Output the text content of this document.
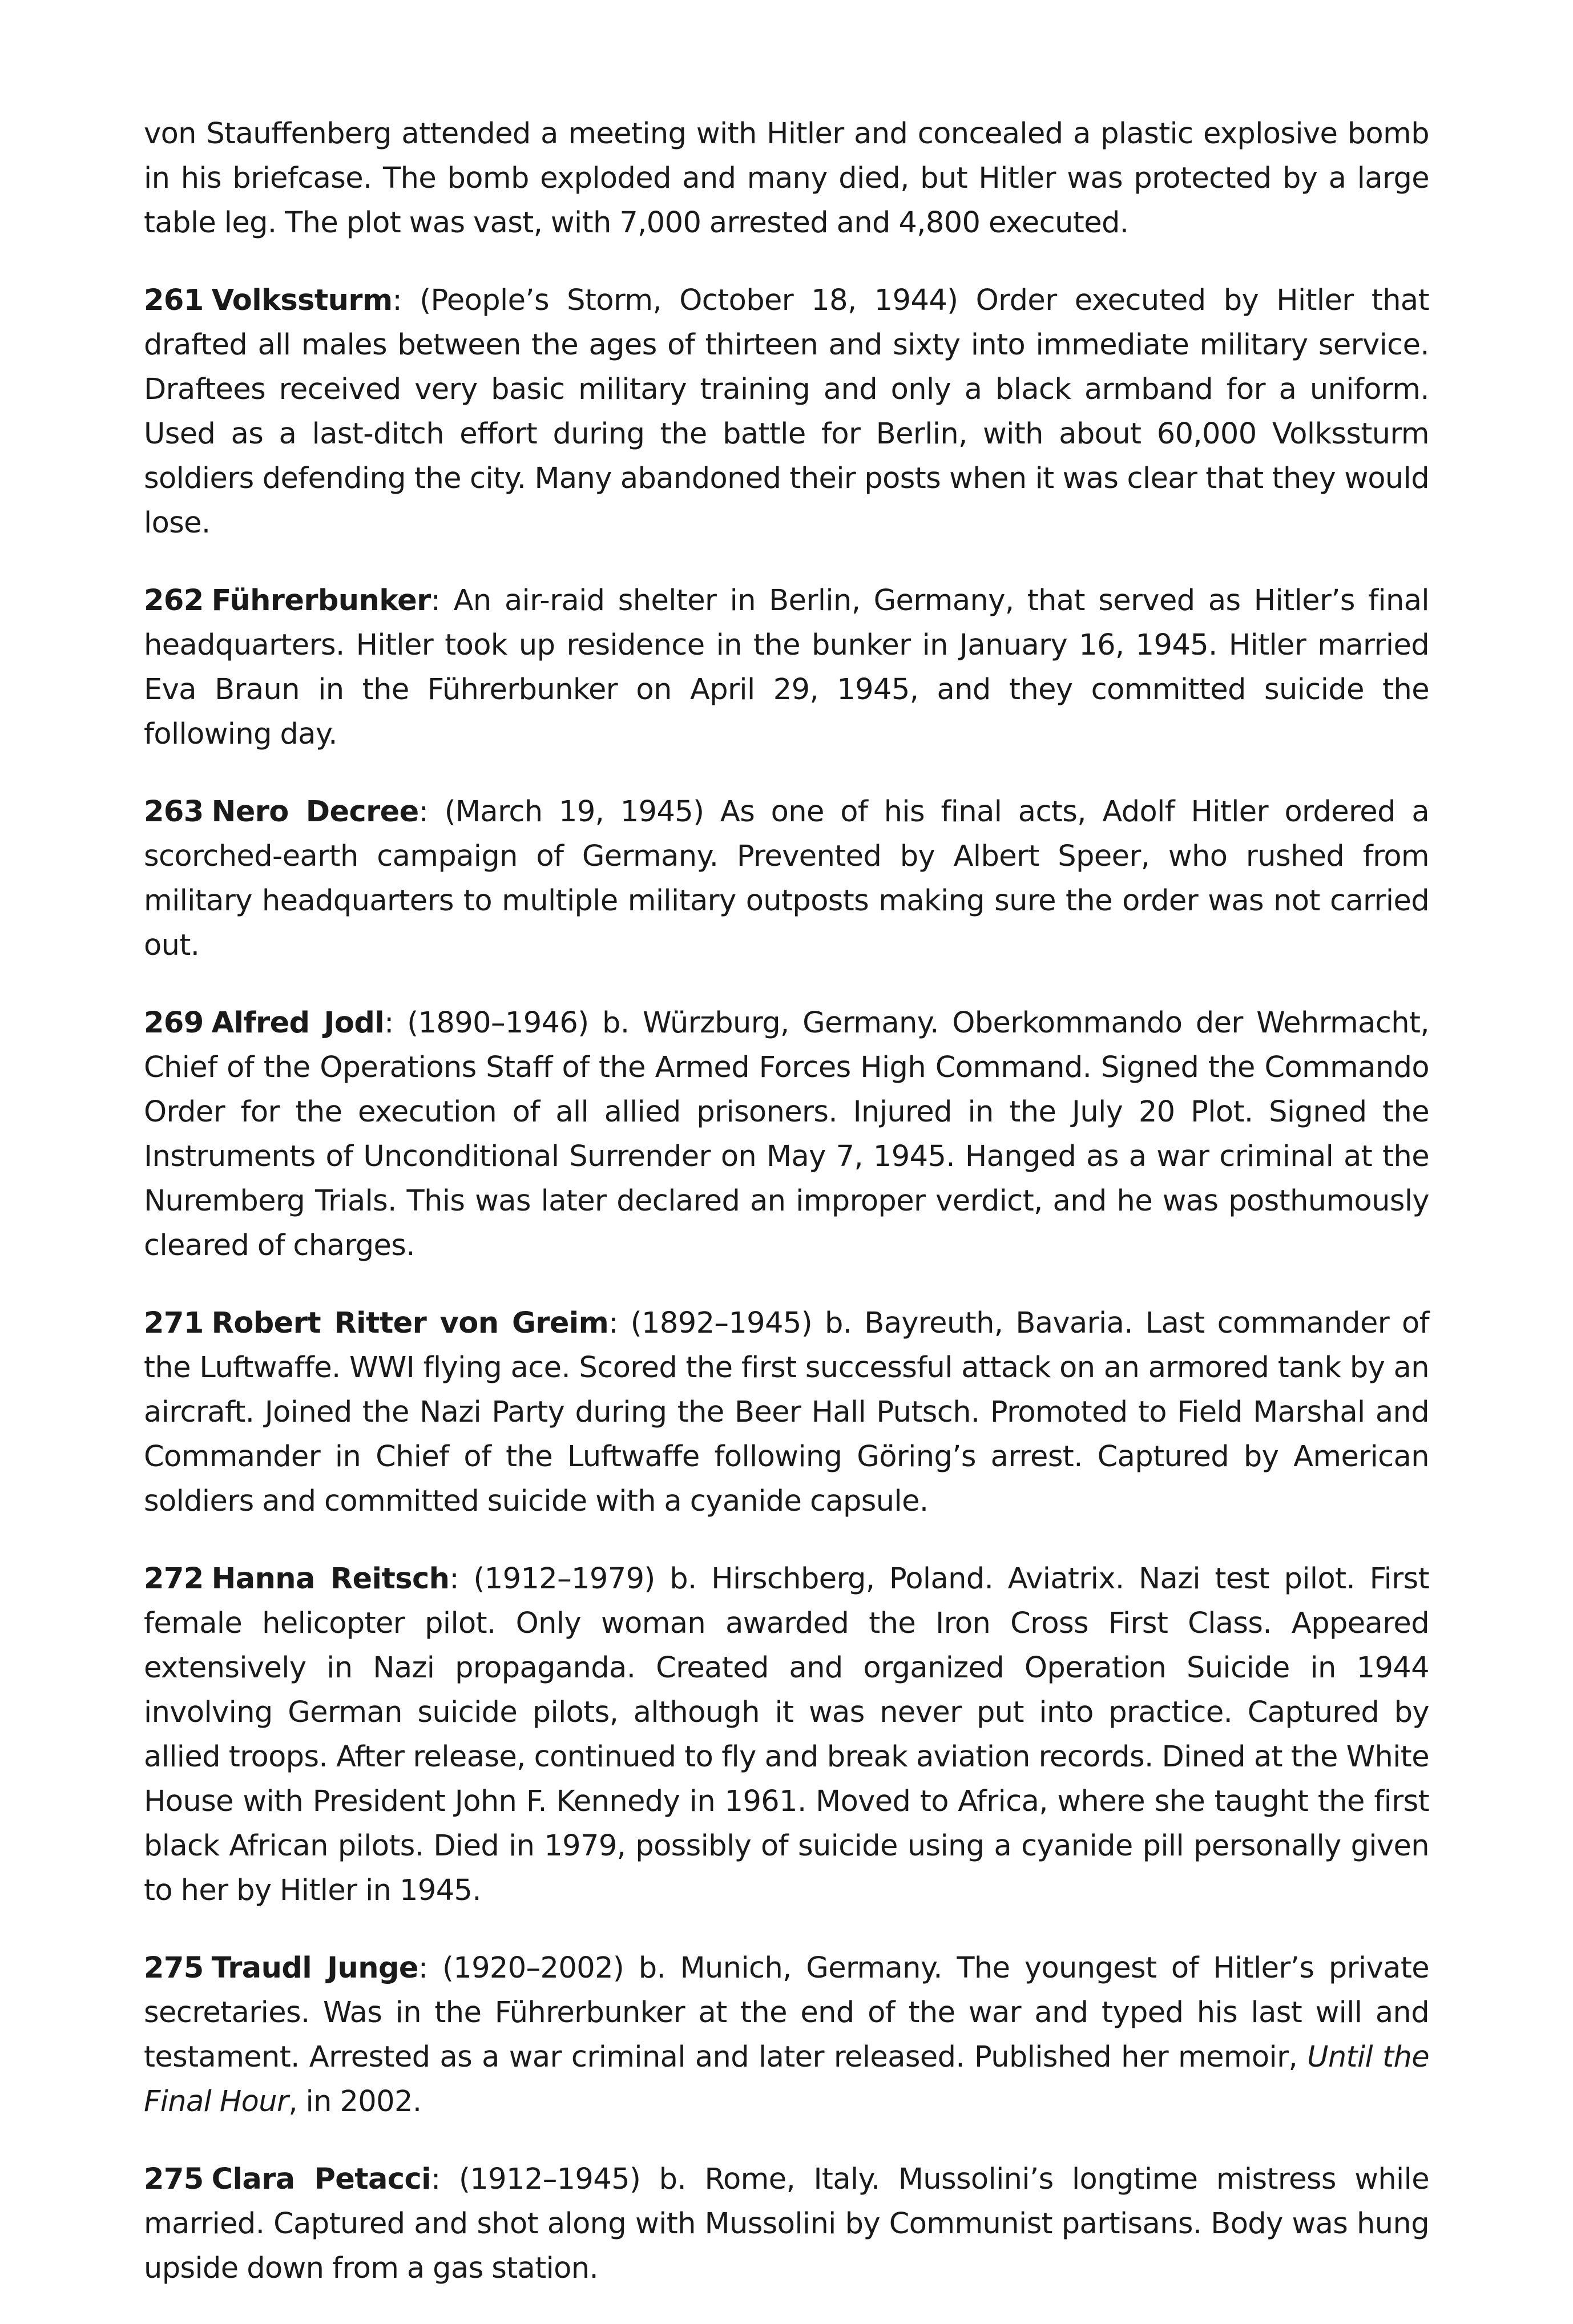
von Stauffenberg attended a meeting with Hitler and concealed a plastic explosive bomb in his briefcase. The bomb exploded and many died, but Hitler was protected by a large table leg. The plot was vast, with 7,000 arrested and 4,800 executed.

261 Volkssturm: (People’s Storm, October 18, 1944) Order executed by Hitler that drafted all males between the ages of thirteen and sixty into immediate military service. Draftees received very basic military training and only a black armband for a uniform. Used as a last-ditch effort during the battle for Berlin, with about 60,000 Volkssturm soldiers defending the city. Many abandoned their posts when it was clear that they would lose.

262 Führerbunker: An air-raid shelter in Berlin, Germany, that served as Hitler’s final headquarters. Hitler took up residence in the bunker in January 16, 1945. Hitler married Eva Braun in the Führerbunker on April 29, 1945, and they committed suicide the following day.

263 Nero Decree: (March 19, 1945) As one of his final acts, Adolf Hitler ordered a scorched-earth campaign of Germany. Prevented by Albert Speer, who rushed from military headquarters to multiple military outposts making sure the order was not carried out.

269 Alfred Jodl: (1890–1946) b. Würzburg, Germany. Oberkommando der Wehrmacht, Chief of the Operations Staff of the Armed Forces High Command. Signed the Commando Order for the execution of all allied prisoners. Injured in the July 20 Plot. Signed the Instruments of Unconditional Surrender on May 7, 1945. Hanged as a war criminal at the Nuremberg Trials. This was later declared an improper verdict, and he was posthumously cleared of charges.

271 Robert Ritter von Greim: (1892–1945) b. Bayreuth, Bavaria. Last commander of the Luftwaffe. WWI flying ace. Scored the first successful attack on an armored tank by an aircraft. Joined the Nazi Party during the Beer Hall Putsch. Promoted to Field Marshal and Commander in Chief of the Luftwaffe following Göring’s arrest. Captured by American soldiers and committed suicide with a cyanide capsule.

272 Hanna Reitsch: (1912–1979) b. Hirschberg, Poland. Aviatrix. Nazi test pilot. First female helicopter pilot. Only woman awarded the Iron Cross First Class. Appeared extensively in Nazi propaganda. Created and organized Operation Suicide in 1944 involving German suicide pilots, although it was never put into practice. Captured by allied troops. After release, continued to fly and break aviation records. Dined at the White House with President John F. Kennedy in 1961. Moved to Africa, where she taught the first black African pilots. Died in 1979, possibly of suicide using a cyanide pill personally given to her by Hitler in 1945.

275 Traudl Junge: (1920–2002) b. Munich, Germany. The youngest of Hitler’s private secretaries. Was in the Führerbunker at the end of the war and typed his last will and testament. Arrested as a war criminal and later released. Published her memoir, Until the Final Hour, in 2002.

275 Clara Petacci: (1912–1945) b. Rome, Italy. Mussolini’s longtime mistress while married. Captured and shot along with Mussolini by Communist partisans. Body was hung upside down from a gas station.
